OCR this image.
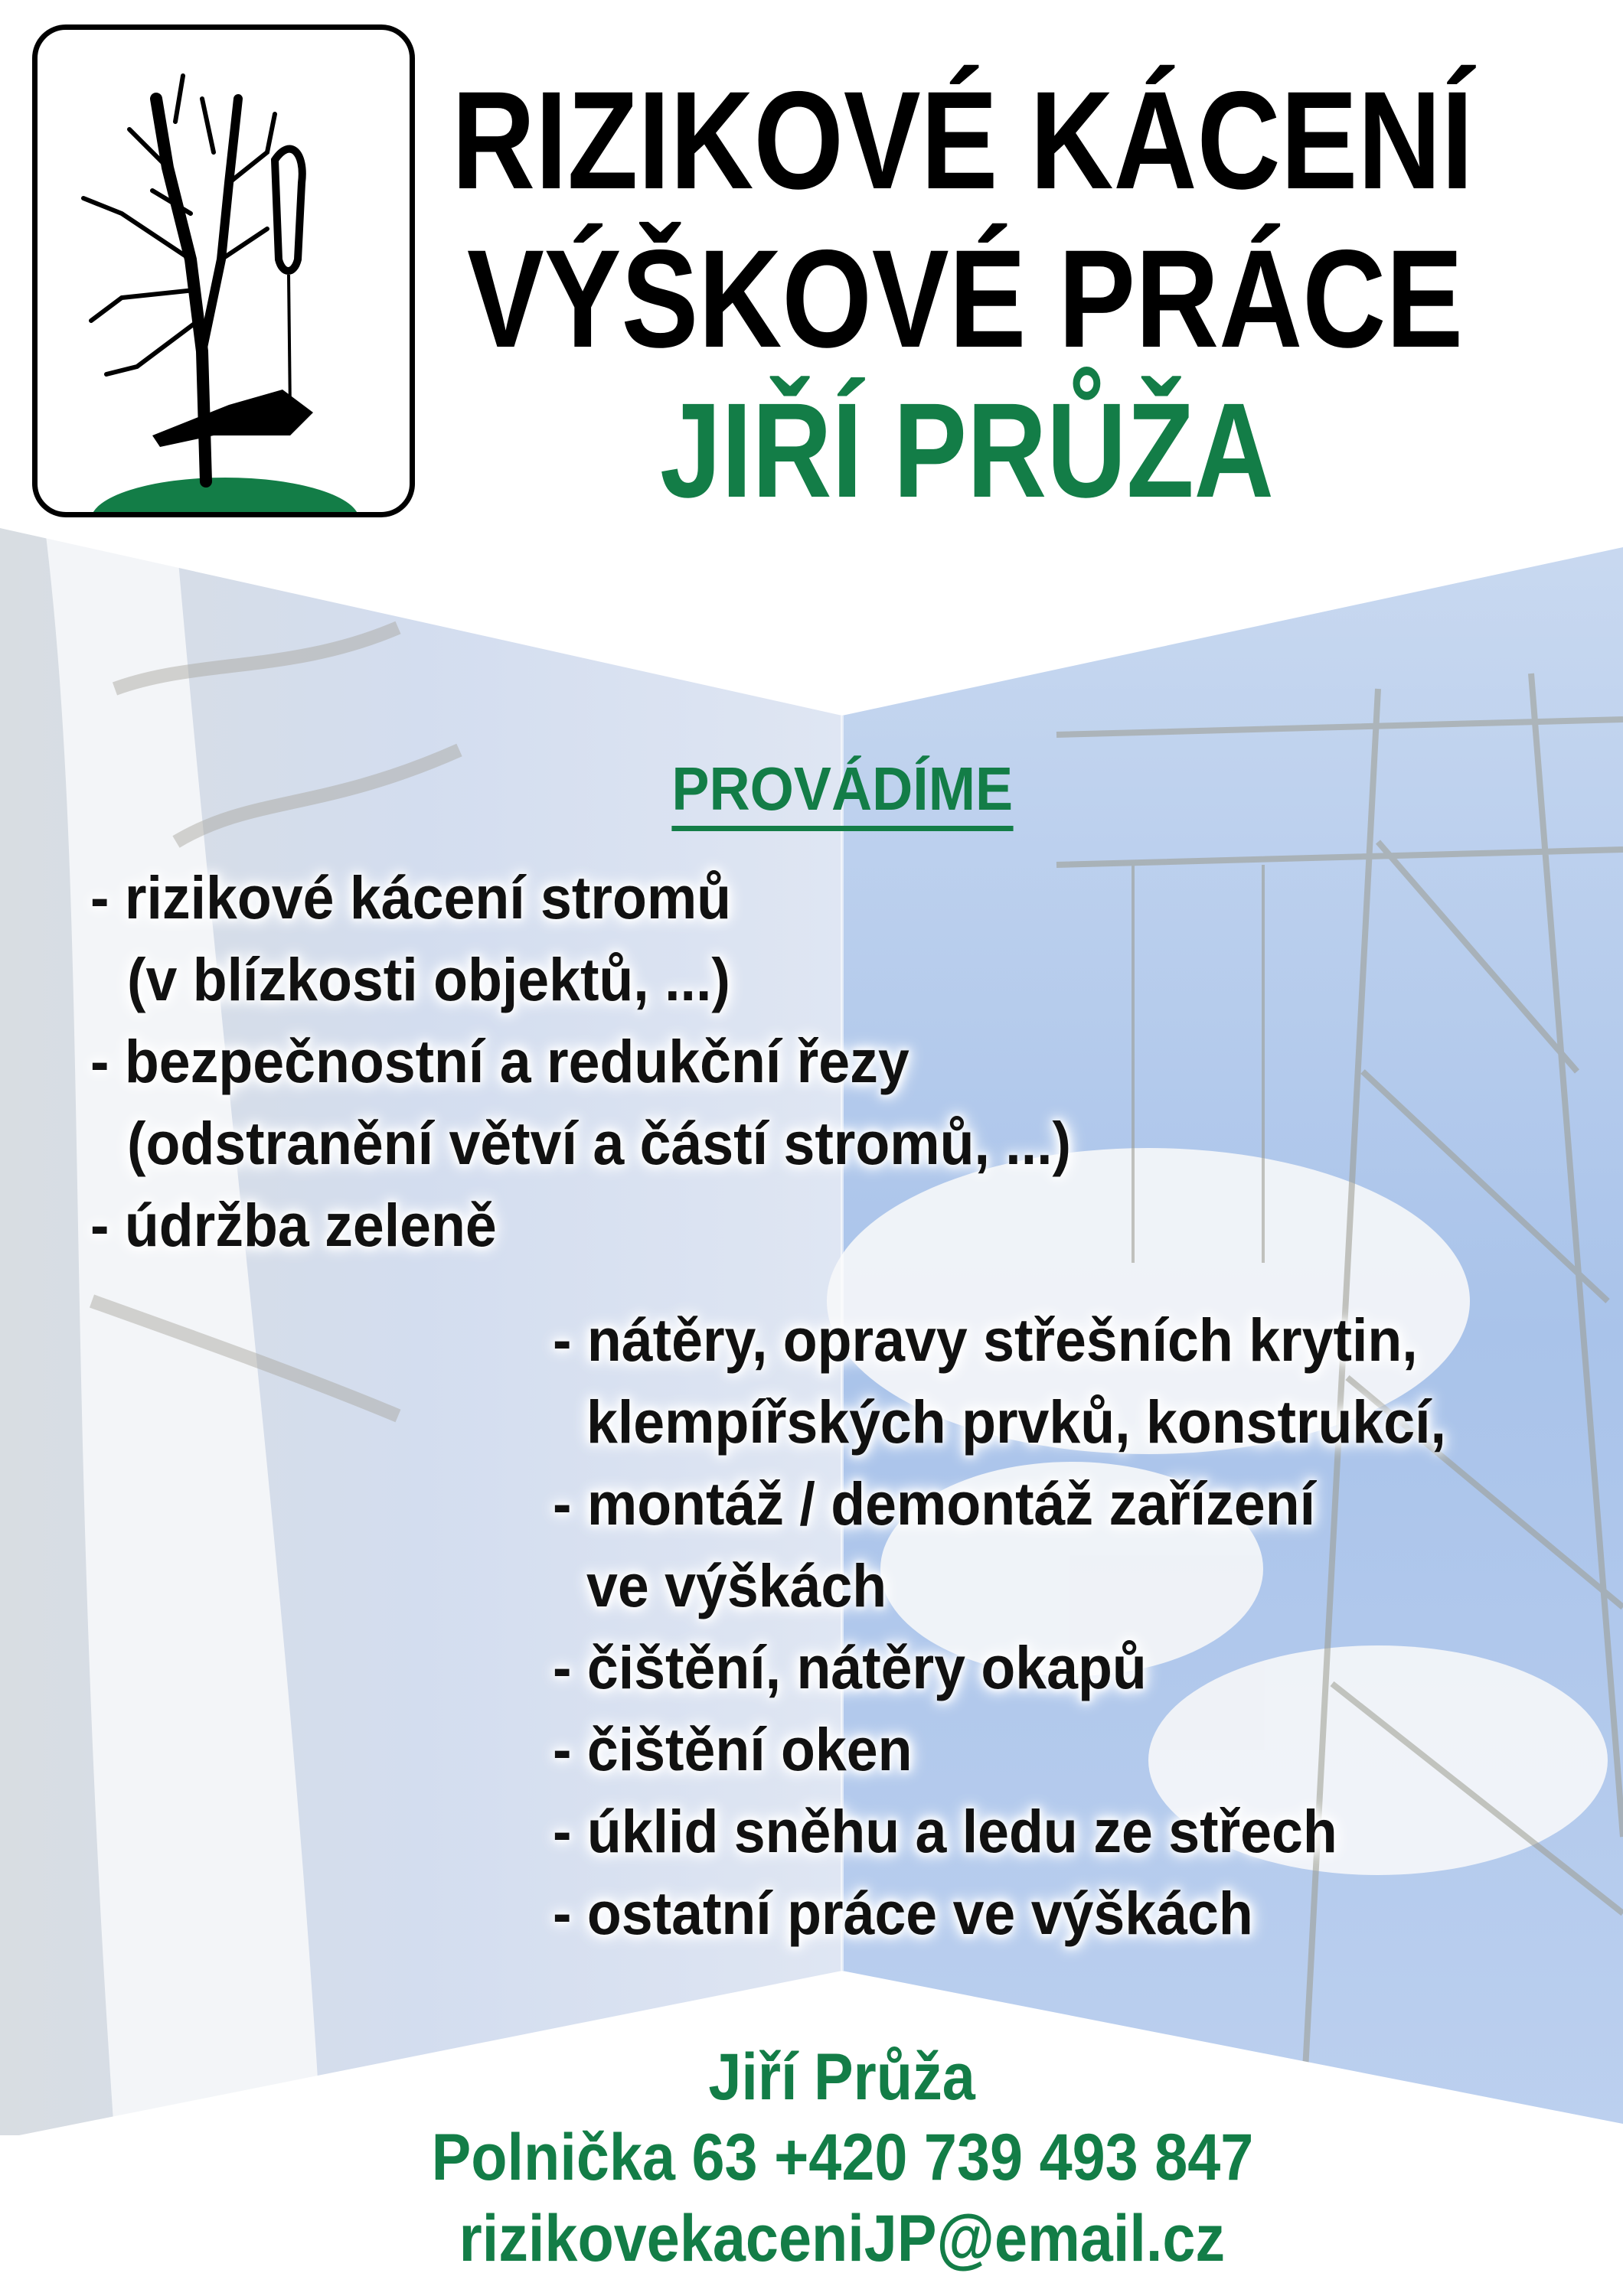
RIZIKOVÉ KÁCENÍ
VÝŠKOVÉ PRÁCE
JIŘÍ PRŮŽA
PROVÁDÍME
- rizikové kácení stromů
(v blízkosti objektů, ...)
- bezpečnostní a redukční řezy
(odstranění větví a částí stromů, ...)
- údržba zeleně
- nátěry, opravy střešních krytin,
klempířských prvků, konstrukcí,
- montáž / demontáž zařízení
ve výškách
- čištění, nátěry okapů
- čištění oken
- úklid sněhu a ledu ze střech
- ostatní práce ve výškách
Jiří Průža
Polnička 63 +420 739 493 847
rizikovekaceniJP@email.cz
